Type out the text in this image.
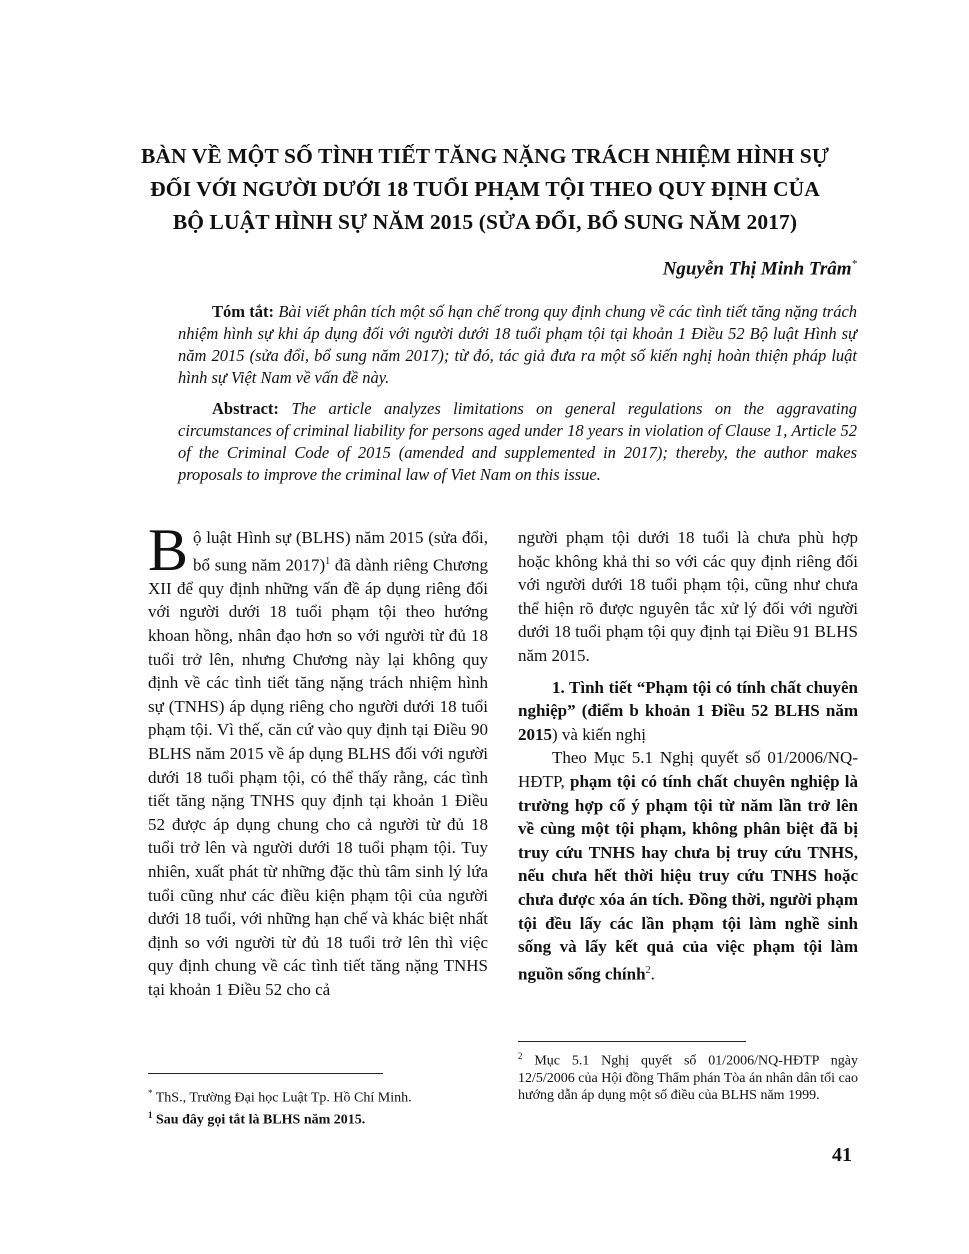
BÀN VỀ MỘT SỐ TÌNH TIẾT TĂNG NẶNG TRÁCH NHIỆM HÌNH SỰ
ĐỐI VỚI NGƯỜI DƯỚI 18 TUỔI PHẠM TỘI THEO QUY ĐỊNH CỦA
BỘ LUẬT HÌNH SỰ NĂM 2015 (SỬA ĐỔI, BỔ SUNG NĂM 2017)
Nguyễn Thị Minh Trâm*
Tóm tắt: Bài viết phân tích một số hạn chế trong quy định chung về các tình tiết tăng nặng trách nhiệm hình sự khi áp dụng đối với người dưới 18 tuổi phạm tội tại khoản 1 Điều 52 Bộ luật Hình sự năm 2015 (sửa đổi, bổ sung năm 2017); từ đó, tác giả đưa ra một số kiến nghị hoàn thiện pháp luật hình sự Việt Nam về vấn đề này.
Abstract: The article analyzes limitations on general regulations on the aggravating circumstances of criminal liability for persons aged under 18 years in violation of Clause 1, Article 52 of the Criminal Code of 2015 (amended and supplemented in 2017); thereby, the author makes proposals to improve the criminal law of Viet Nam on this issue.

Bộ luật Hình sự (BLHS) năm 2015 (sửa đổi, bổ sung năm 2017)$^1$ đã dành riêng Chương XII để quy định những vấn đề áp dụng riêng đối với người dưới 18 tuổi phạm tội theo hướng khoan hồng, nhân đạo hơn so với người từ đủ 18 tuổi trở lên, nhưng Chương này lại không quy định về các tình tiết tăng nặng trách nhiệm hình sự (TNHS) áp dụng riêng cho người dưới 18 tuổi phạm tội. Vì thế, căn cứ vào quy định tại Điều 90 BLHS năm 2015 về áp dụng BLHS đối với người dưới 18 tuổi phạm tội, có thể thấy rằng, các tình tiết tăng nặng TNHS quy định tại khoản 1 Điều 52 được áp dụng chung cho cả người từ đủ 18 tuổi trở lên và người dưới 18 tuổi phạm tội. Tuy nhiên, xuất phát từ những đặc thù tâm sinh lý lứa tuổi cũng như các điều kiện phạm tội của người dưới 18 tuổi, với những hạn chế và khác biệt nhất định so với người từ đủ 18 tuổi trở lên thì việc quy định chung về các tình tiết tăng nặng TNHS tại khoản 1 Điều 52 cho cả

người phạm tội dưới 18 tuổi là chưa phù hợp hoặc không khả thi so với các quy định riêng đối với người dưới 18 tuổi phạm tội, cũng như chưa thể hiện rõ được nguyên tắc xử lý đối với người dưới 18 tuổi phạm tội quy định tại Điều 91 BLHS năm 2015.

1. Tình tiết “Phạm tội có tính chất chuyên nghiệp” (điểm b khoản 1 Điều 52 BLHS năm 2015) và kiến nghị

Theo Mục 5.1 Nghị quyết số 01/2006/NQ-HĐTP, phạm tội có tính chất chuyên nghiệp là trường hợp cố ý phạm tội từ năm lần trở lên về cùng một tội phạm, không phân biệt đã bị truy cứu TNHS hay chưa bị truy cứu TNHS, nếu chưa hết thời hiệu truy cứu TNHS hoặc chưa được xóa án tích. Đồng thời, người phạm tội đều lấy các lần phạm tội làm nghề sinh sống và lấy kết quả của việc phạm tội làm nguồn sống chính$^2$.

* ThS., Trường Đại học Luật Tp. Hồ Chí Minh.
$^1$ Sau đây gọi tắt là BLHS năm 2015.
$^2$ Mục 5.1 Nghị quyết số 01/2006/NQ-HĐTP ngày 12/5/2006 của Hội đồng Thẩm phán Tòa án nhân dân tối cao hướng dẫn áp dụng một số điều của BLHS năm 1999.
41
